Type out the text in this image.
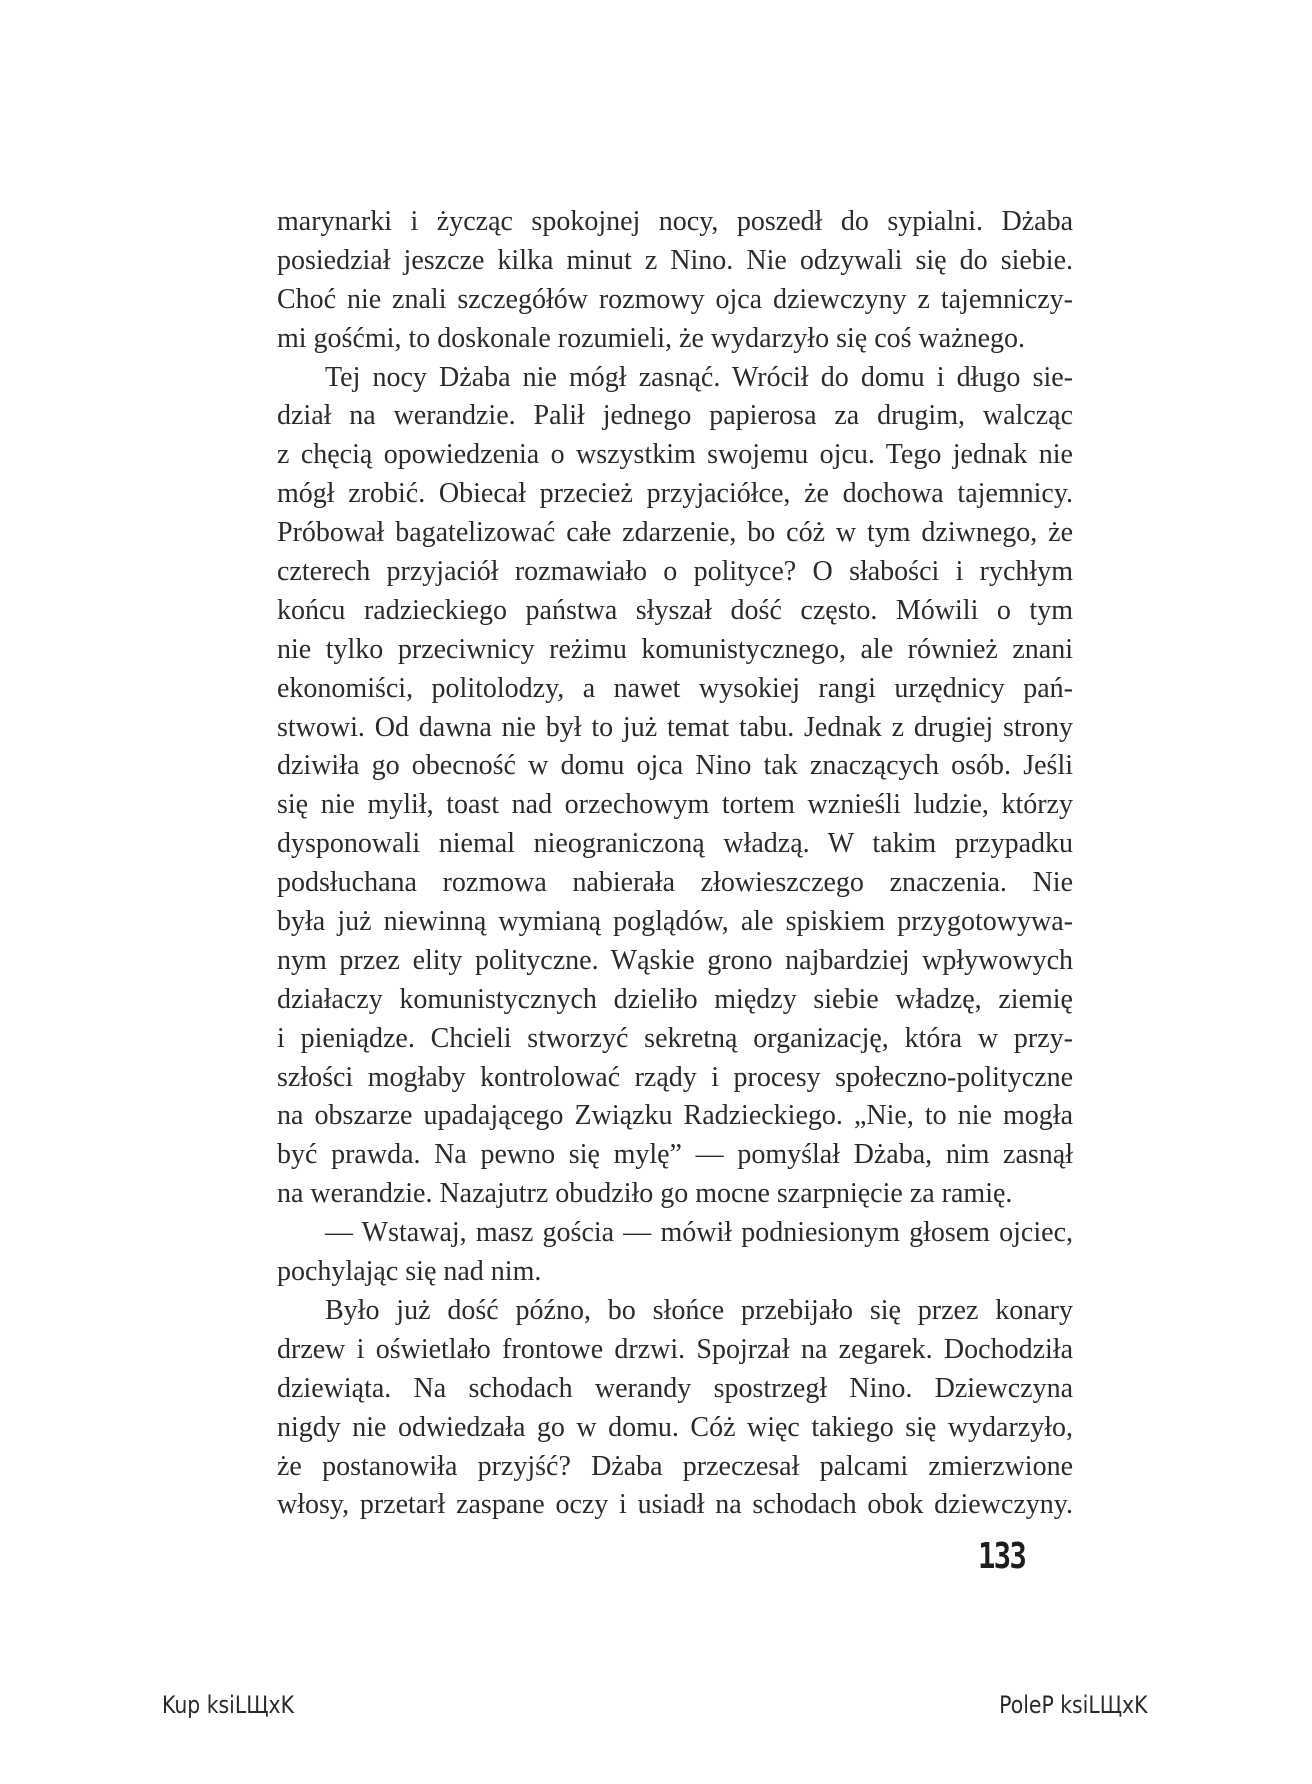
marynarki i życząc spokojnej nocy, poszedł do sypialni. Dżaba
posiedział jeszcze kilka minut z Nino. Nie odzywali się do siebie.
Choć nie znali szczegółów rozmowy ojca dziewczyny z tajemniczy-
mi gośćmi, to doskonale rozumieli, że wydarzyło się coś ważnego.
Tej nocy Dżaba nie mógł zasnąć. Wrócił do domu i długo sie-
dział na werandzie. Palił jednego papierosa za drugim, walcząc
z chęcią opowiedzenia o wszystkim swojemu ojcu. Tego jednak nie
mógł zrobić. Obiecał przecież przyjaciółce, że dochowa tajemnicy.
Próbował bagatelizować całe zdarzenie, bo cóż w tym dziwnego, że
czterech przyjaciół rozmawiało o polityce? O słabości i rychłym
końcu radzieckiego państwa słyszał dość często. Mówili o tym
nie tylko przeciwnicy reżimu komunistycznego, ale również znani
ekonomiści, politolodzy, a nawet wysokiej rangi urzędnicy pań-
stwowi. Od dawna nie był to już temat tabu. Jednak z drugiej strony
dziwiła go obecność w domu ojca Nino tak znaczących osób. Jeśli
się nie mylił, toast nad orzechowym tortem wznieśli ludzie, którzy
dysponowali niemal nieograniczoną władzą. W takim przypadku
podsłuchana rozmowa nabierała złowieszczego znaczenia. Nie
była już niewinną wymianą poglądów, ale spiskiem przygotowywa-
nym przez elity polityczne. Wąskie grono najbardziej wpływowych
działaczy komunistycznych dzieliło między siebie władzę, ziemię
i pieniądze. Chcieli stworzyć sekretną organizację, która w przy-
szłości mogłaby kontrolować rządy i procesy społeczno-polityczne
na obszarze upadającego Związku Radzieckiego. „Nie, to nie mogła
być prawda. Na pewno się mylę” — pomyślał Dżaba, nim zasnął
na werandzie. Nazajutrz obudziło go mocne szarpnięcie za ramię.
— Wstawaj, masz gościa — mówił podniesionym głosem ojciec,
pochylając się nad nim.
Było już dość późno, bo słońce przebijało się przez konary
drzew i oświetlało frontowe drzwi. Spojrzał na zegarek. Dochodziła
dziewiąta. Na schodach werandy spostrzegł Nino. Dziewczyna
nigdy nie odwiedzała go w domu. Cóż więc takiego się wydarzyło,
że postanowiła przyjść? Dżaba przeczesał palcami zmierzwione
włosy, przetarł zaspane oczy i usiadł na schodach obok dziewczyny.
133
Kup ksiLЩxK	PoleP ksiLЩxK
